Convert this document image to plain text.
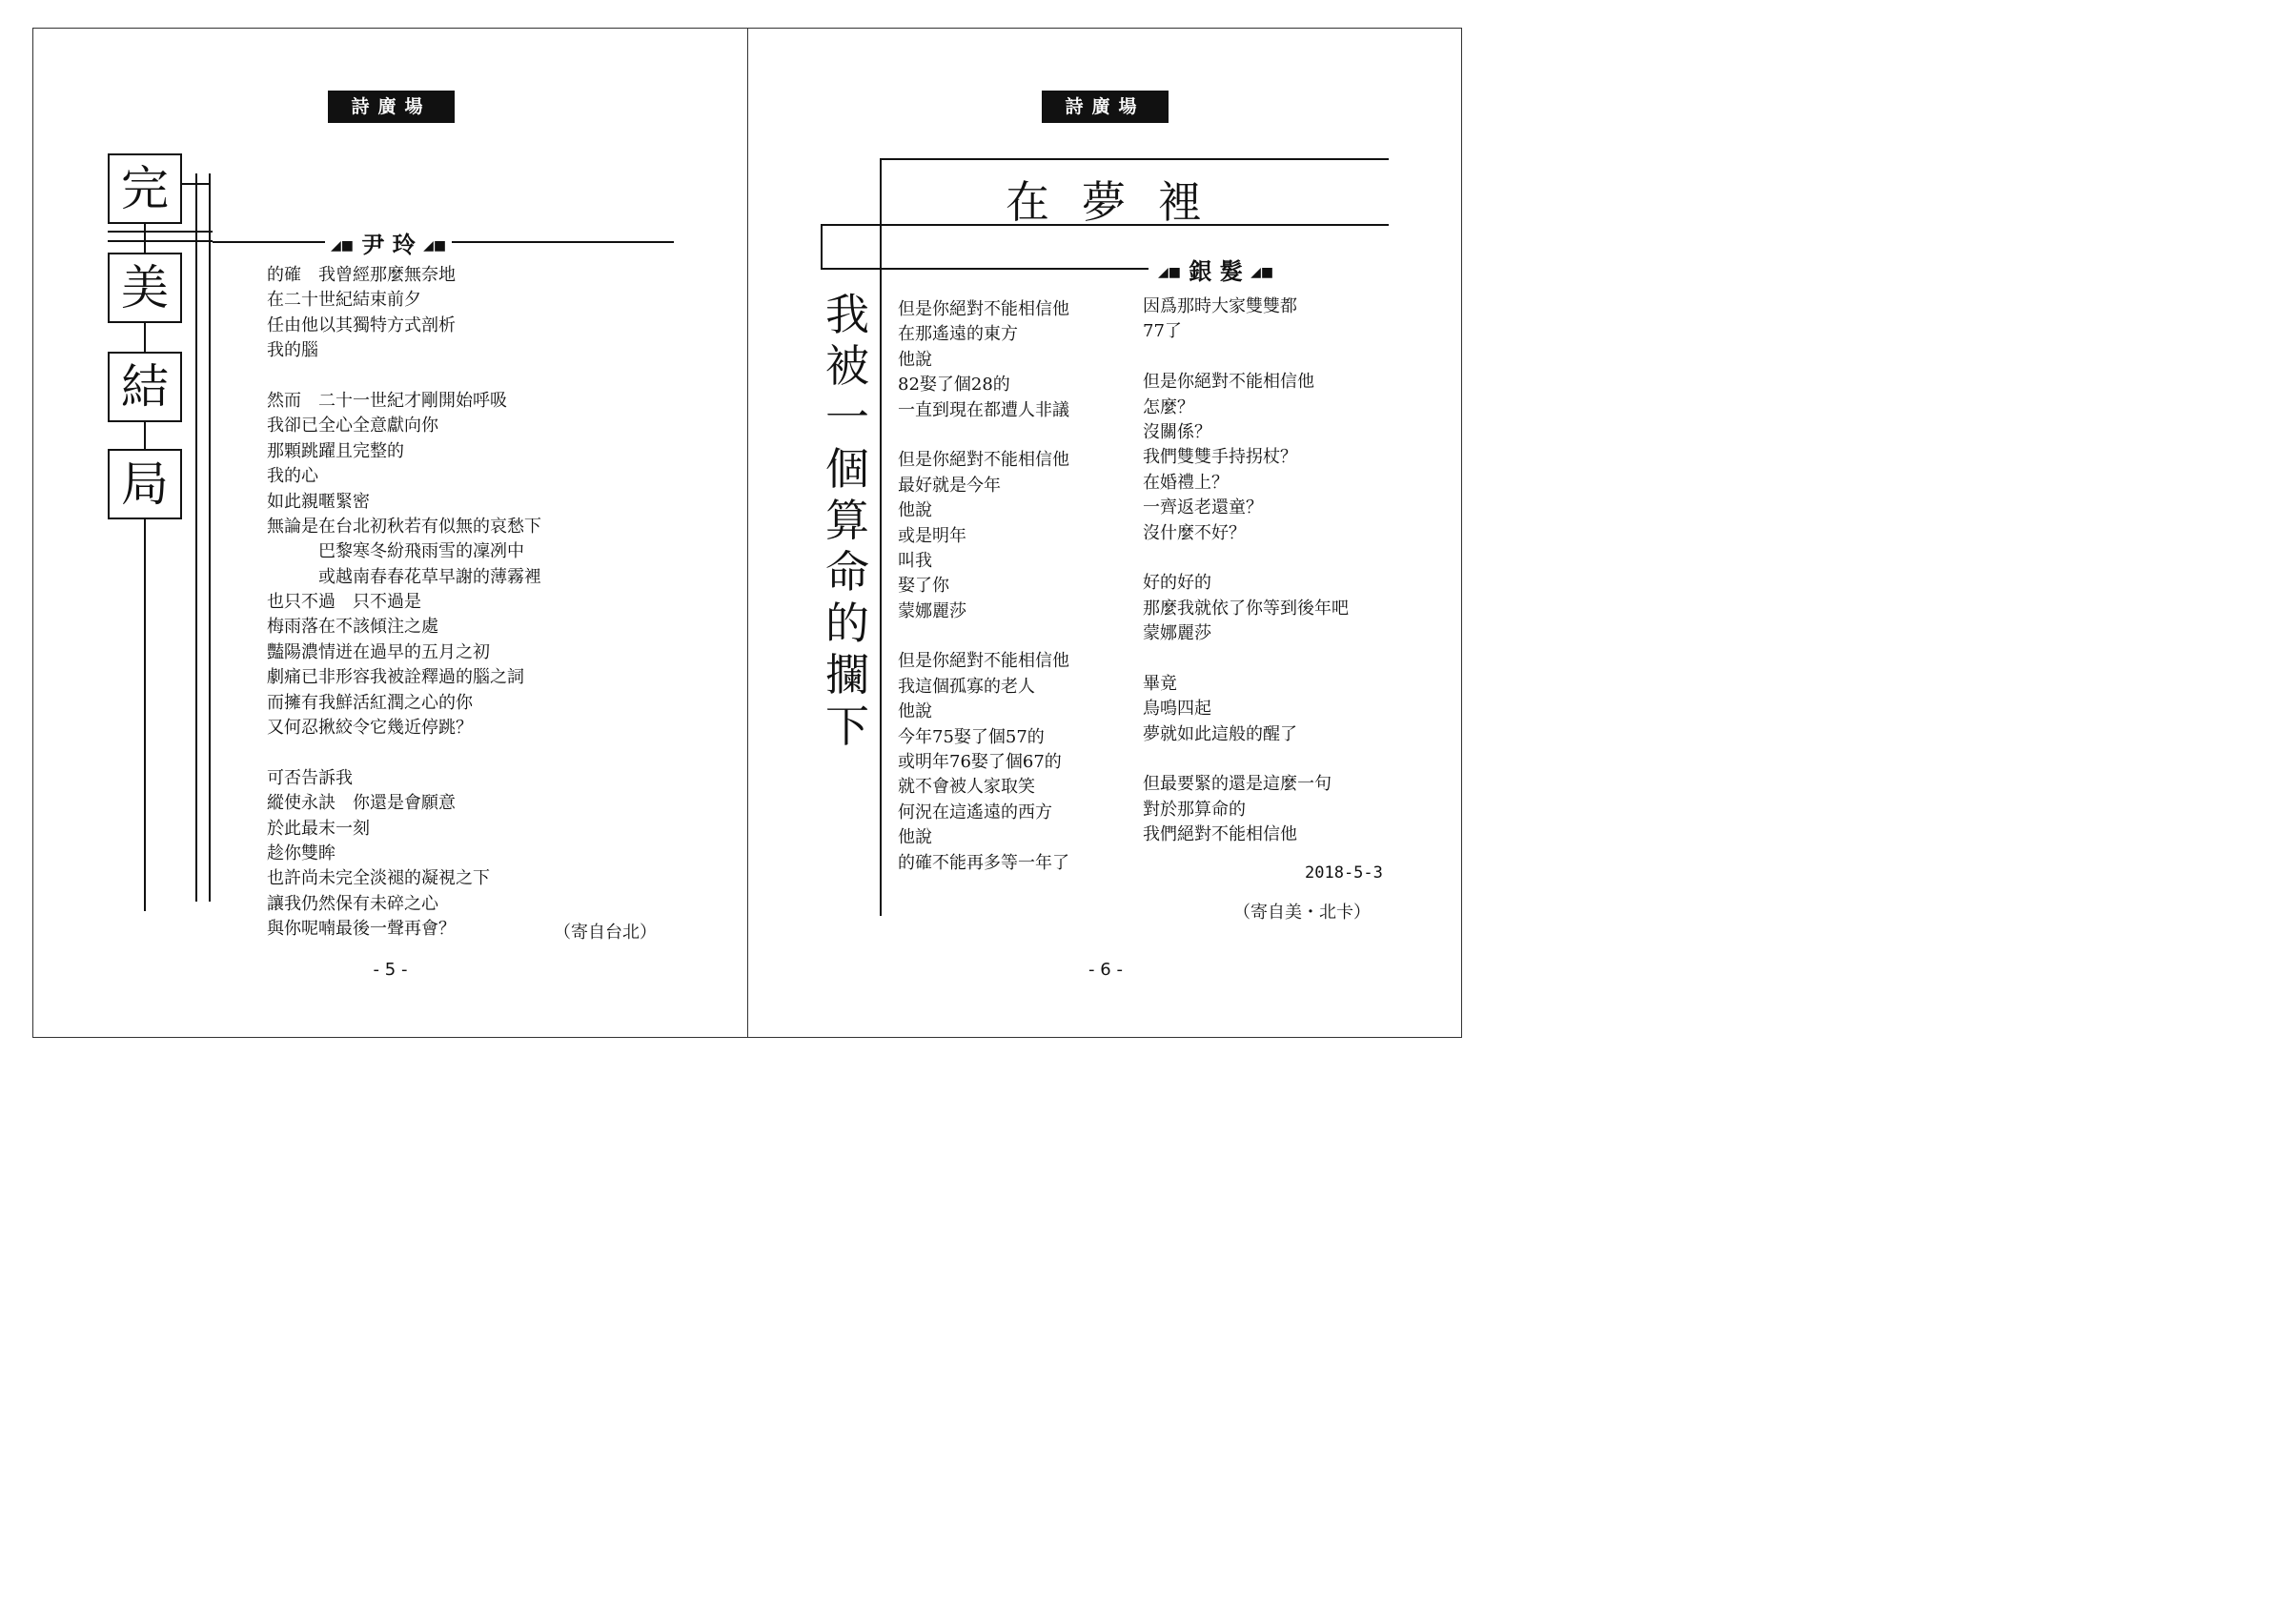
詩廣場
完
美
結
局
◢■ 尹 玲 ◢■
的確　我曾經那麼無奈地
在二十世紀結束前夕
任由他以其獨特方式剖析
我的腦
然而　二十一世紀才剛開始呼吸
我卻已全心全意獻向你
那顆跳躍且完整的
我的心
如此親暱緊密
無論是在台北初秋若有似無的哀愁下
　　　巴黎寒冬紛飛雨雪的凜冽中
　　　或越南春春花草早謝的薄霧裡
也只不過　只不過是
梅雨落在不該傾注之處
豔陽濃情迸在過早的五月之初
劇痛已非形容我被詮釋過的腦之詞
而擁有我鮮活紅潤之心的你
又何忍揪絞令它幾近停跳？
可否告訴我
縱使永訣　你還是會願意
於此最末一刻
趁你雙眸
也許尚未完全淡褪的凝視之下
讓我仍然保有未碎之心
與你呢喃最後一聲再會？	（寄自台北）
- 5 -
詩廣場
在夢裡
◢■ 銀 髮 ◢■
我被一個算命的攔下
但是你絕對不能相信他
在那遙遠的東方
他說
82娶了個28的
一直到現在都遭人非議
但是你絕對不能相信他
最好就是今年
他說
或是明年
叫我
娶了你
蒙娜麗莎
但是你絕對不能相信他
我這個孤寡的老人
他說
今年75娶了個57的
或明年76娶了個67的
就不會被人家取笑
何況在這遙遠的西方
他說
的確不能再多等一年了
因爲那時大家雙雙都
77了
但是你絕對不能相信他
怎麼？
沒關係？
我們雙雙手持拐杖？
在婚禮上？
一齊返老還童？
沒什麼不好？
好的好的
那麼我就依了你等到後年吧
蒙娜麗莎
畢竟
鳥鳴四起
夢就如此這般的醒了
但最要緊的還是這麼一句
對於那算命的
我們絕對不能相信他
2018-5-3
（寄自美・北卡）
- 6 -
